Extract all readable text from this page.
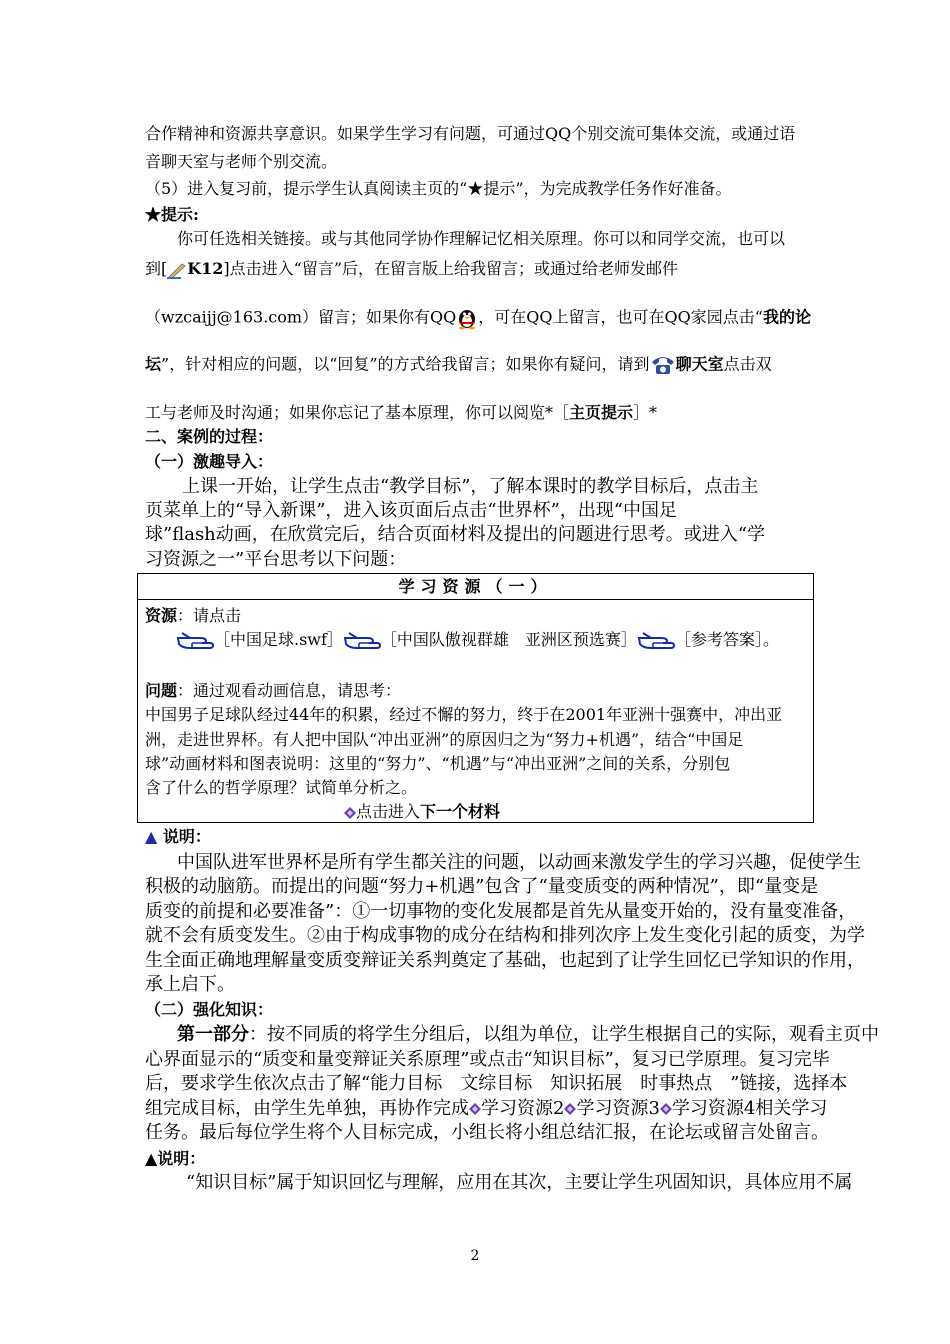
合作精神和资源共享意识。如果学生学习有问题，可通过QQ个别交流可集体交流，或通过语
音聊天室与老师个别交流。
（5）进入复习前，提示学生认真阅读主页的“★提示”，为完成教学任务作好准备。
★提示:
你可任选相关链接。或与其他同学协作理解记忆相关原理。你可以和同学交流，也可以
到[ K12]点击进入“留言”后，在留言版上给我留言；或通过给老师发邮件
（wzcaijj@163.com）留言；如果你有QQ ，可在QQ上留言，也可在QQ家园点击“我的论
坛”，针对相应的问题，以“回复”的方式给我留言；如果你有疑问，请到 聊天室点击双
工与老师及时沟通；如果你忘记了基本原理，你可以阅览*［主页提示］*
二、案例的过程：
（一）激趣导入：
上课一开始，让学生点击“教学目标”，了解本课时的教学目标后，点击主
页菜单上的“导入新课”，进入该页面后点击“世界杯”，出现“中国足
球”flash动画，在欣赏完后，结合页面材料及提出的问题进行思考。或进入“学
习资源之一”平台思考以下问题：
学习资源（一）
资源：请点击
［中国足球.swf］ ［中国队傲视群雄　亚洲区预选赛］ ［参考答案］。
问题：通过观看动画信息，请思考：
中国男子足球队经过44年的积累，经过不懈的努力，终于在2001年亚洲十强赛中，冲出亚
洲，走进世界杯。有人把中国队“冲出亚洲”的原因归之为“努力+机遇”，结合“中国足
球”动画材料和图表说明：这里的“努力”、“机遇”与“冲出亚洲”之间的关系，分别包
含了什么的哲学原理？试简单分析之。
点击进入下一个材料
▲ 说明：
中国队进军世界杯是所有学生都关注的问题，以动画来激发学生的学习兴趣，促使学生
积极的动脑筋。而提出的问题“努力+机遇”包含了“量变质变的两种情况”，即“量变是
质变的前提和必要准备”：①一切事物的变化发展都是首先从量变开始的，没有量变准备，
就不会有质变发生。②由于构成事物的成分在结构和排列次序上发生变化引起的质变，为学
生全面正确地理解量变质变辩证关系判奠定了基础，也起到了让学生回忆已学知识的作用，
承上启下。
（二）强化知识：
第一部分：按不同质的将学生分组后，以组为单位，让学生根据自己的实际，观看主页中
心界面显示的“质变和量变辩证关系原理”或点击“知识目标”，复习已学原理。复习完毕
后，要求学生依次点击了解“能力目标　文综目标　知识拓展　时事热点　”链接，选择本
组完成目标，由学生先单独，再协作完成 学习资源2 学习资源3 学习资源4相关学习
任务。最后每位学生将个人目标完成，小组长将小组总结汇报，在论坛或留言处留言。
▲说明：
“知识目标”属于知识回忆与理解，应用在其次，主要让学生巩固知识，具体应用不属
2
